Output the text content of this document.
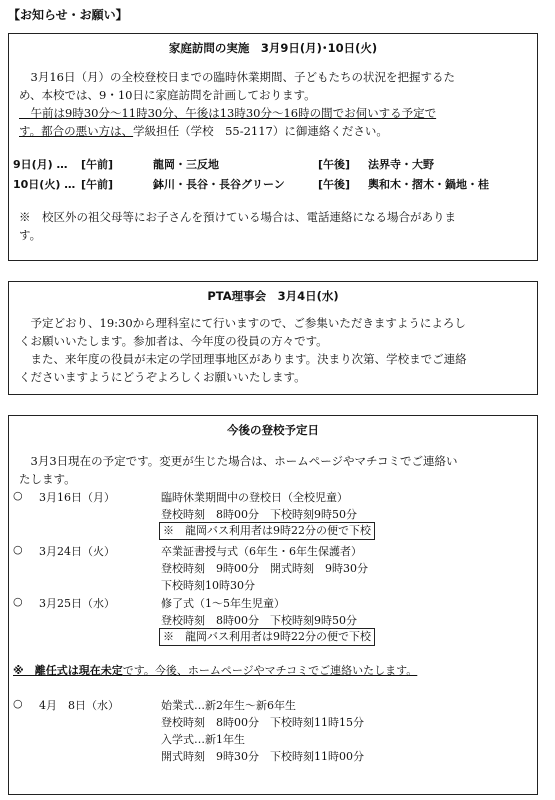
【お知らせ・お願い】
家庭訪問の実施　3月9日(月)･10日(火)
　3月16日（月）の全校登校日までの臨時休業期間、子どもたちの状況を把握するた
め、本校では、9・10日に家庭訪問を計画しております。
　午前は9時30分～11時30分、午後は13時30分～16時の間でお伺いする予定で
す。都合の悪い方は、学級担任（学校　55-2117）に御連絡ください。
9日(月) … [午前]	龍岡・三反地	[午後] 法界寺・大野
10日(火) … [午前]	鉢川・長谷・長谷グリーン	[午後] 輿和木・摺木・鍋地・桂
※　校区外の祖父母等にお子さんを預けている場合は、電話連絡になる場合がありま
す。
PTA理事会　3月4日(水)
　予定どおり、19:30から理科室にて行いますので、ご参集いただきますようによろし
くお願いいたします。参加者は、今年度の役員の方々です。
　また、来年度の役員が未定の学団理事地区があります。決まり次第、学校までご連絡
くださいますようにどうぞよろしくお願いいたします。
今後の登校予定日
　3月3日現在の予定です。変更が生じた場合は、ホームページやマチコミでご連絡い
たします。
○ 3月16日（月）	臨時休業期間中の登校日（全校児童）
登校時刻　8時00分　下校時刻9時50分
※　龍岡バス利用者は9時22分の便で下校
○ 3月24日（火）	卒業証書授与式（6年生・6年生保護者）
登校時刻　9時00分　開式時刻　9時30分
下校時刻10時30分
○ 3月25日（水）	修了式（1～5年生児童）
登校時刻　8時00分　下校時刻9時50分
※　龍岡バス利用者は9時22分の便で下校
※　離任式は現在未定です。今後、ホームページやマチコミでご連絡いたします。
○ 4月　8日（水）	始業式…新2年生～新6年生
登校時刻　8時00分　下校時刻11時15分
入学式…新1年生
開式時刻　9時30分　下校時刻11時00分
